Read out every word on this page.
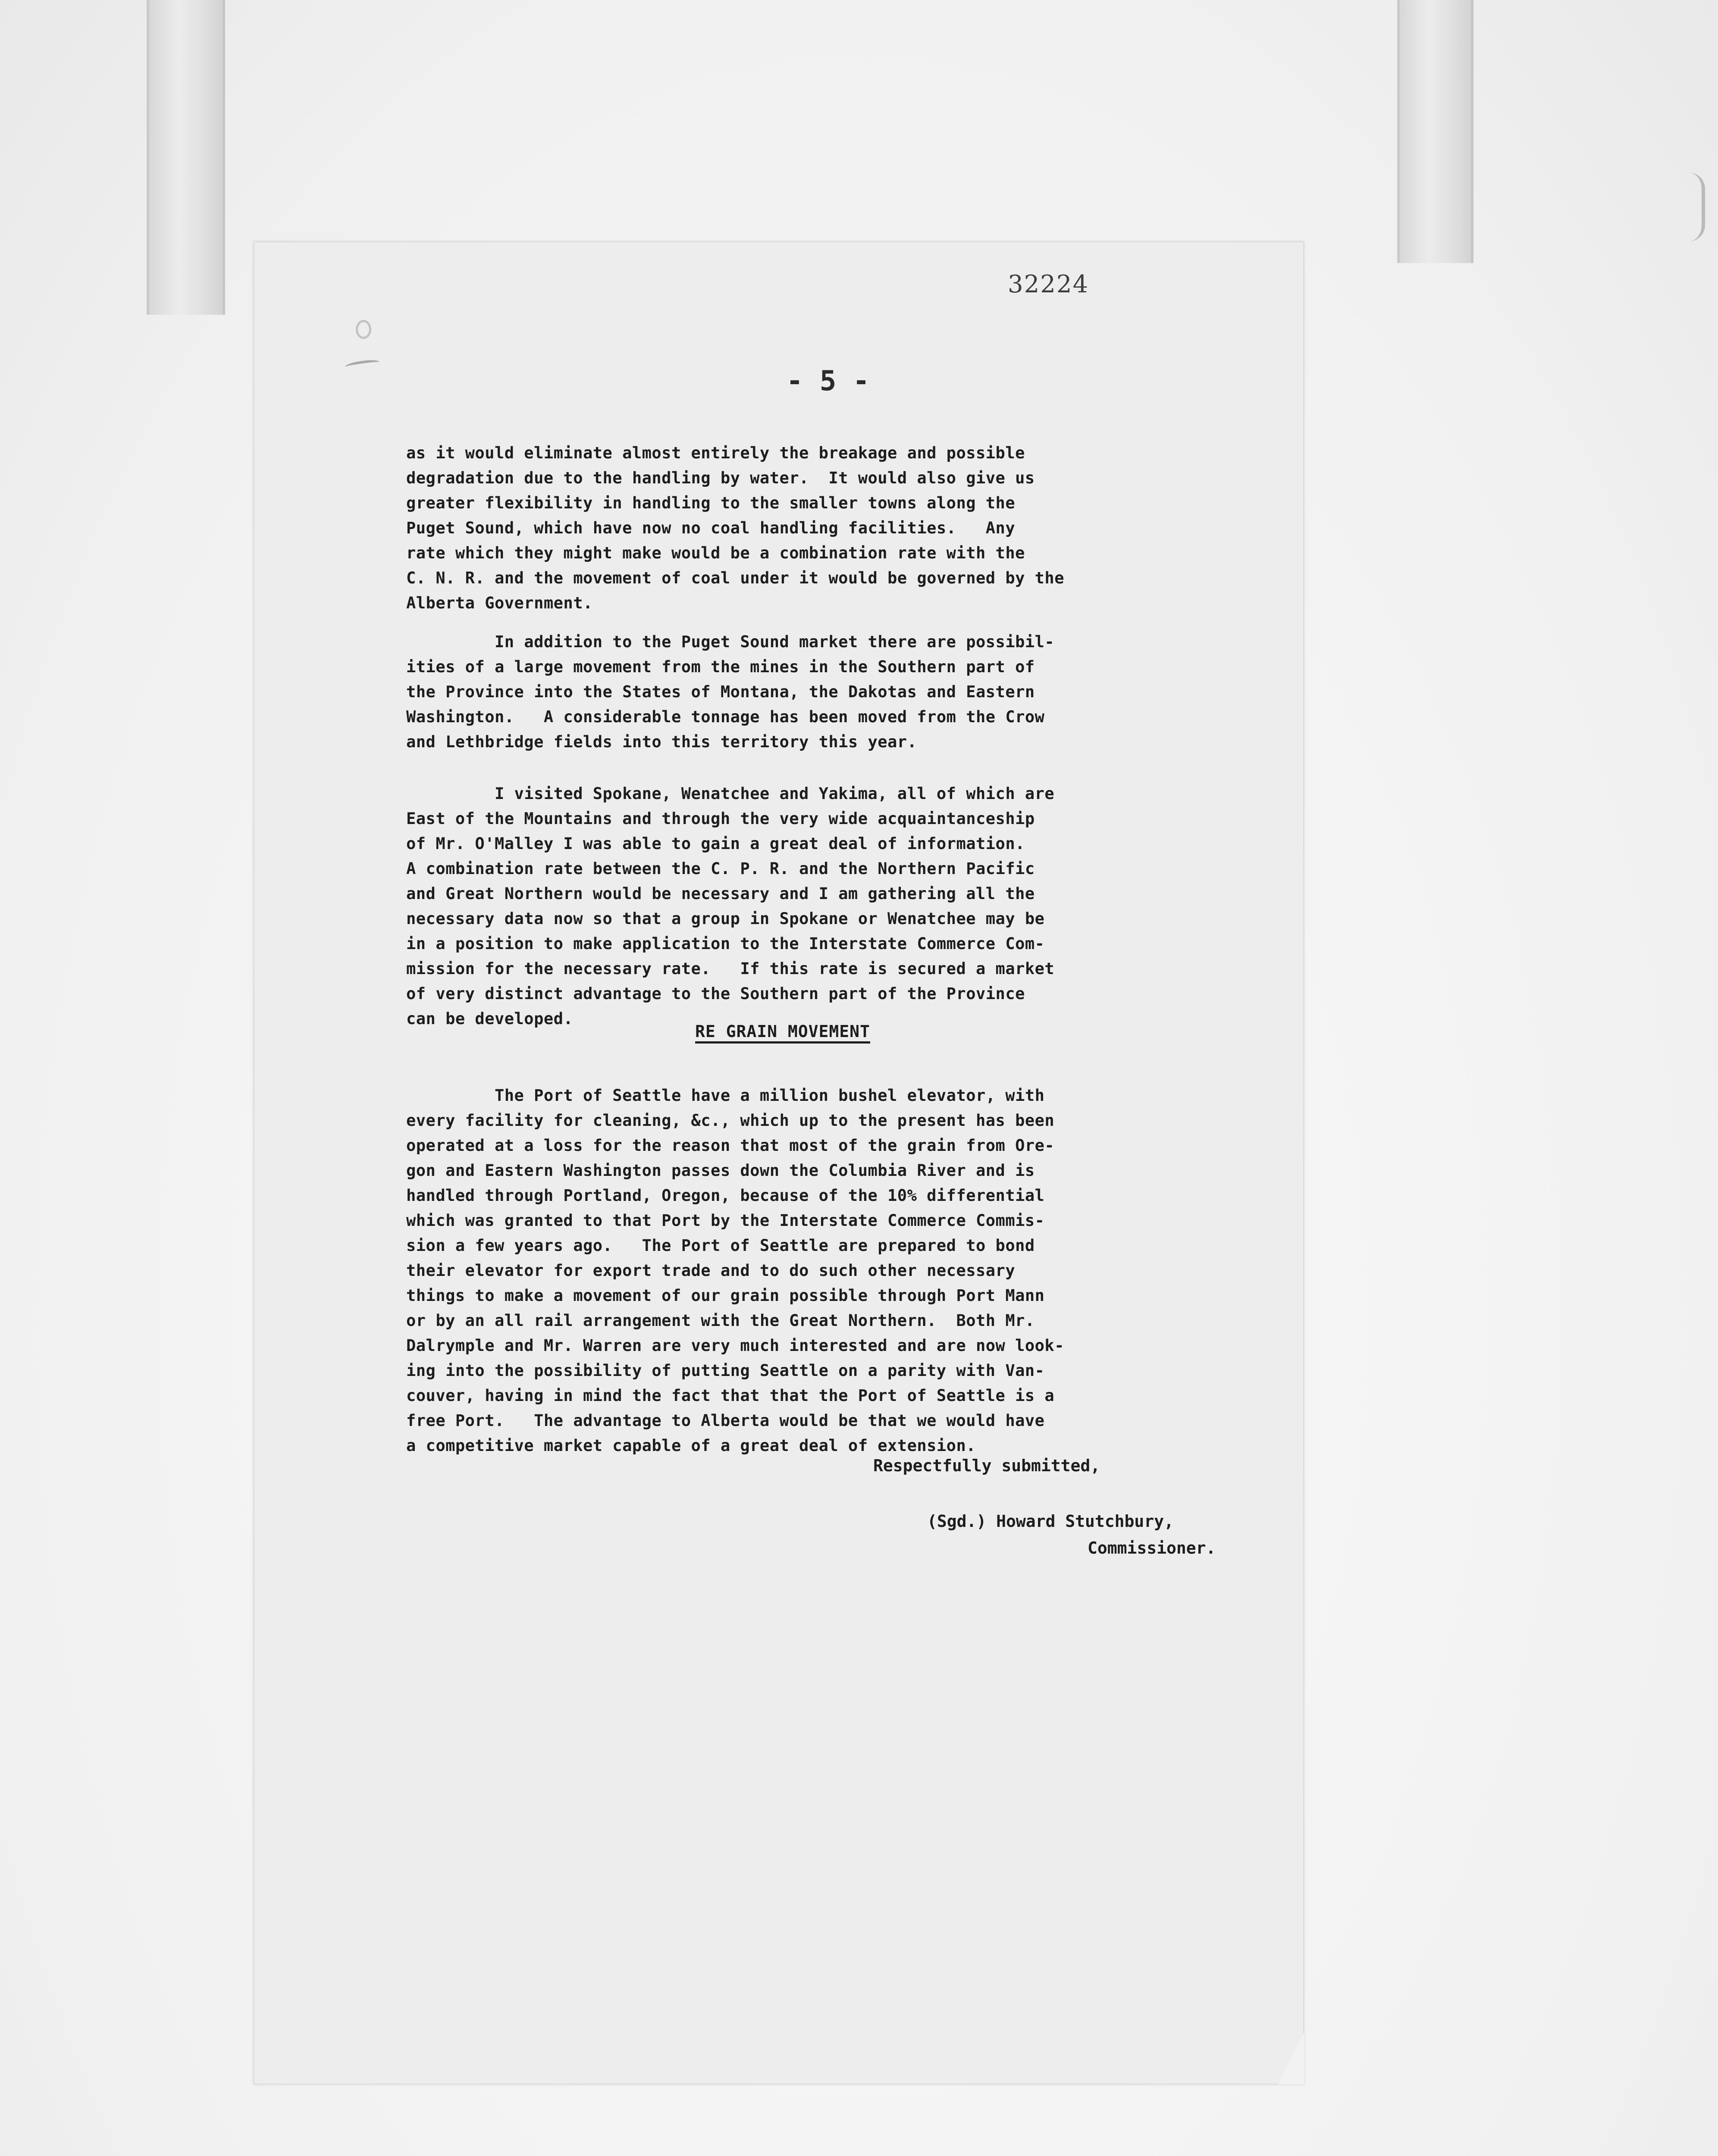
32224
- 5 -

as it would eliminate almost entirely the breakage and possible
degradation due to the handling by water.  It would also give us
greater flexibility in handling to the smaller towns along the
Puget Sound, which have now no coal handling facilities.   Any
rate which they might make would be a combination rate with the
C. N. R. and the movement of coal under it would be governed by the
Alberta Government.

In addition to the Puget Sound market there are possibil-
ities of a large movement from the mines in the Southern part of
the Province into the States of Montana, the Dakotas and Eastern
Washington.   A considerable tonnage has been moved from the Crow
and Lethbridge fields into this territory this year.

I visited Spokane, Wenatchee and Yakima, all of which are
East of the Mountains and through the very wide acquaintanceship
of Mr. O'Malley I was able to gain a great deal of information.
A combination rate between the C. P. R. and the Northern Pacific
and Great Northern would be necessary and I am gathering all the
necessary data now so that a group in Spokane or Wenatchee may be
in a position to make application to the Interstate Commerce Com-
mission for the necessary rate.   If this rate is secured a market
of very distinct advantage to the Southern part of the Province
can be developed.

RE GRAIN MOVEMENT

The Port of Seattle have a million bushel elevator, with
every facility for cleaning, &c., which up to the present has been
operated at a loss for the reason that most of the grain from Ore-
gon and Eastern Washington passes down the Columbia River and is
handled through Portland, Oregon, because of the 10% differential
which was granted to that Port by the Interstate Commerce Commis-
sion a few years ago.   The Port of Seattle are prepared to bond
their elevator for export trade and to do such other necessary
things to make a movement of our grain possible through Port Mann
or by an all rail arrangement with the Great Northern.  Both Mr.
Dalrymple and Mr. Warren are very much interested and are now look-
ing into the possibility of putting Seattle on a parity with Van-
couver, having in mind the fact that that the Port of Seattle is a
free Port.   The advantage to Alberta would be that we would have
a competitive market capable of a great deal of extension.

Respectfully submitted,
(Sgd.) Howard Stutchbury,
Commissioner.
